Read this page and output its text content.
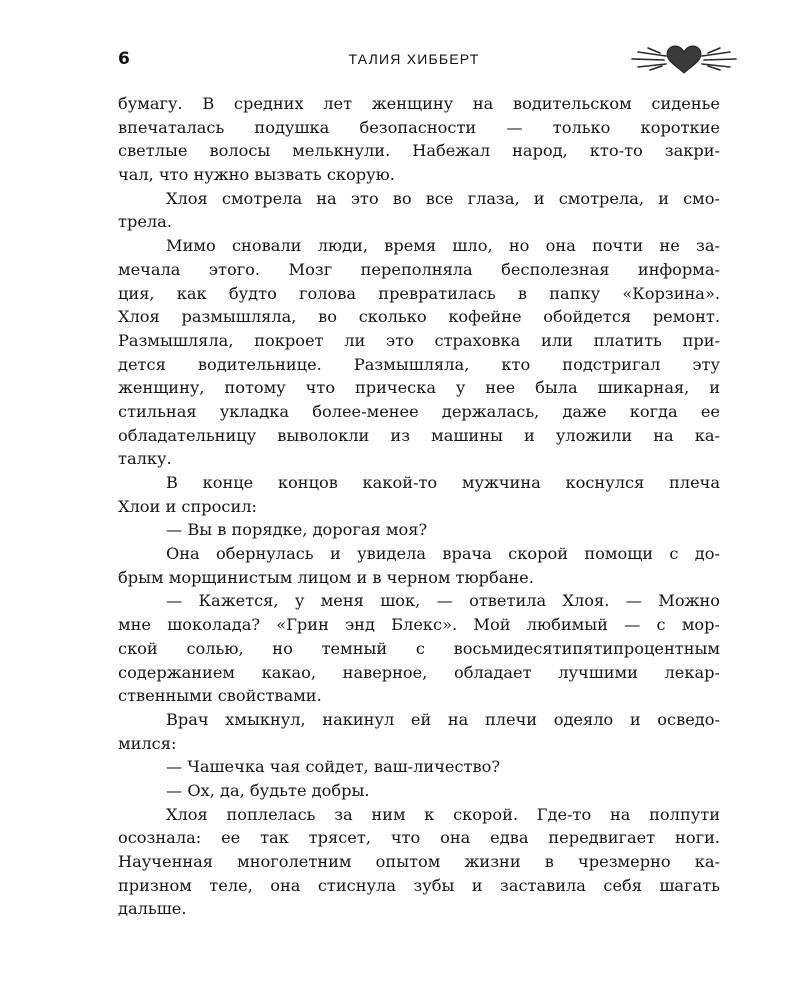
6	ТАЛИЯ ХИББЕРТ
бумагу. В средних лет женщину на водительском сиденье
впечаталась подушка безопасности — только короткие
светлые волосы мелькнули. Набежал народ, кто-то закри-
чал, что нужно вызвать скорую.
Хлоя смотрела на это во все глаза, и смотрела, и смо-
трела.
Мимо сновали люди, время шло, но она почти не за-
мечала этого. Мозг переполняла бесполезная информа-
ция, как будто голова превратилась в папку «Корзина».
Хлоя размышляла, во сколько кофейне обойдется ремонт.
Размышляла, покроет ли это страховка или платить при-
дется водительнице. Размышляла, кто подстригал эту
женщину, потому что прическа у нее была шикарная, и
стильная укладка более-менее держалась, даже когда ее
обладательницу выволокли из машины и уложили на ка-
талку.
В конце концов какой-то мужчина коснулся плеча
Хлои и спросил:
— Вы в порядке, дорогая моя?
Она обернулась и увидела врача скорой помощи с до-
брым морщинистым лицом и в черном тюрбане.
— Кажется, у меня шок, — ответила Хлоя. — Можно
мне шоколада? «Грин энд Блекс». Мой любимый — с мор-
ской солью, но темный с восьмидесятипятипроцентным
содержанием какао, наверное, обладает лучшими лекар-
ственными свойствами.
Врач хмыкнул, накинул ей на плечи одеяло и осведо-
мился:
— Чашечка чая сойдет, ваш-личество?
— Ох, да, будьте добры.
Хлоя поплелась за ним к скорой. Где-то на полпути
осознала: ее так трясет, что она едва передвигает ноги.
Наученная многолетним опытом жизни в чрезмерно ка-
призном теле, она стиснула зубы и заставила себя шагать
дальше.
